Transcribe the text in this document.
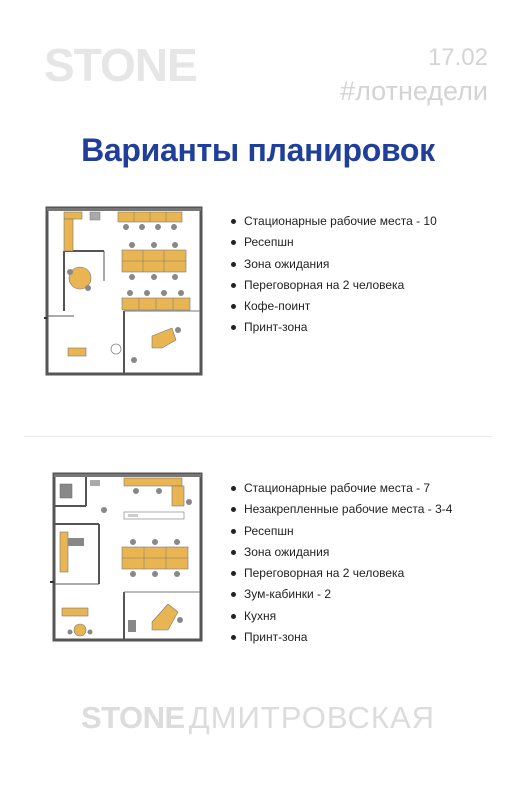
STONE	17.02
#лотнедели
Варианты планировок
Стационарные рабочие места - 10
Ресепшн
Зона ожидания
Переговорная на 2 человека
Кофе-поинт
Принт-зона
Стационарные рабочие места - 7
Незакрепленные рабочие места - 3-4
Ресепшн
Зона ожидания
Переговорная на 2 человека
Зум-кабинки - 2
Кухня
Принт-зона
STONE ДМИТРОВСКАЯ
